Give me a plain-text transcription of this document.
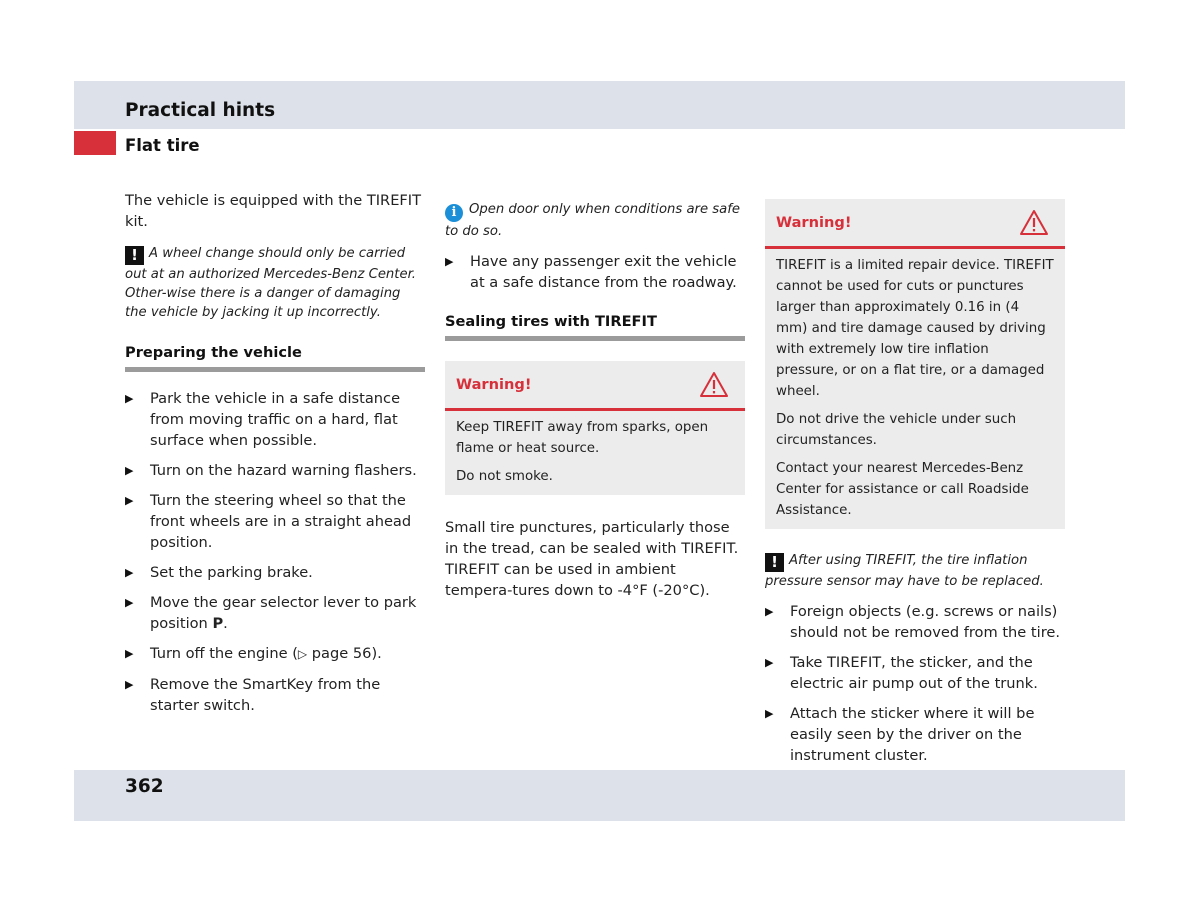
Practical hints
Flat tire

The vehicle is equipped with the TIREFIT kit.

! A wheel change should only be carried out at an authorized Mercedes-Benz Center. Other-wise there is a danger of damaging the vehicle by jacking it up incorrectly.
Preparing the vehicle
▶ Park the vehicle in a safe distance from moving traffic on a hard, flat surface when possible.
▶ Turn on the hazard warning flashers.
▶ Turn the steering wheel so that the front wheels are in a straight ahead position.
▶ Set the parking brake.
▶ Move the gear selector lever to park position P.
▶ Turn off the engine (▷ page 56).
▶ Remove the SmartKey from the starter switch.
i Open door only when conditions are safe to do so.
▶ Have any passenger exit the vehicle at a safe distance from the roadway.
Sealing tires with TIREFIT
Warning!

Keep TIREFIT away from sparks, open flame or heat source.

Do not smoke.

Small tire punctures, particularly those in the tread, can be sealed with TIREFIT. TIREFIT can be used in ambient tempera-tures down to -4°F (-20°C).

Warning!

TIREFIT is a limited repair device. TIREFIT cannot be used for cuts or punctures larger than approximately 0.16 in (4 mm) and tire damage caused by driving with extremely low tire inflation pressure, or on a flat tire, or a damaged wheel.

Do not drive the vehicle under such circumstances.

Contact your nearest Mercedes-Benz Center for assistance or call Roadside Assistance.

! After using TIREFIT, the tire inflation pressure sensor may have to be replaced.
▶ Foreign objects (e.g. screws or nails) should not be removed from the tire.
▶ Take TIREFIT, the sticker, and the electric air pump out of the trunk.
▶ Attach the sticker where it will be easily seen by the driver on the instrument cluster.
362
